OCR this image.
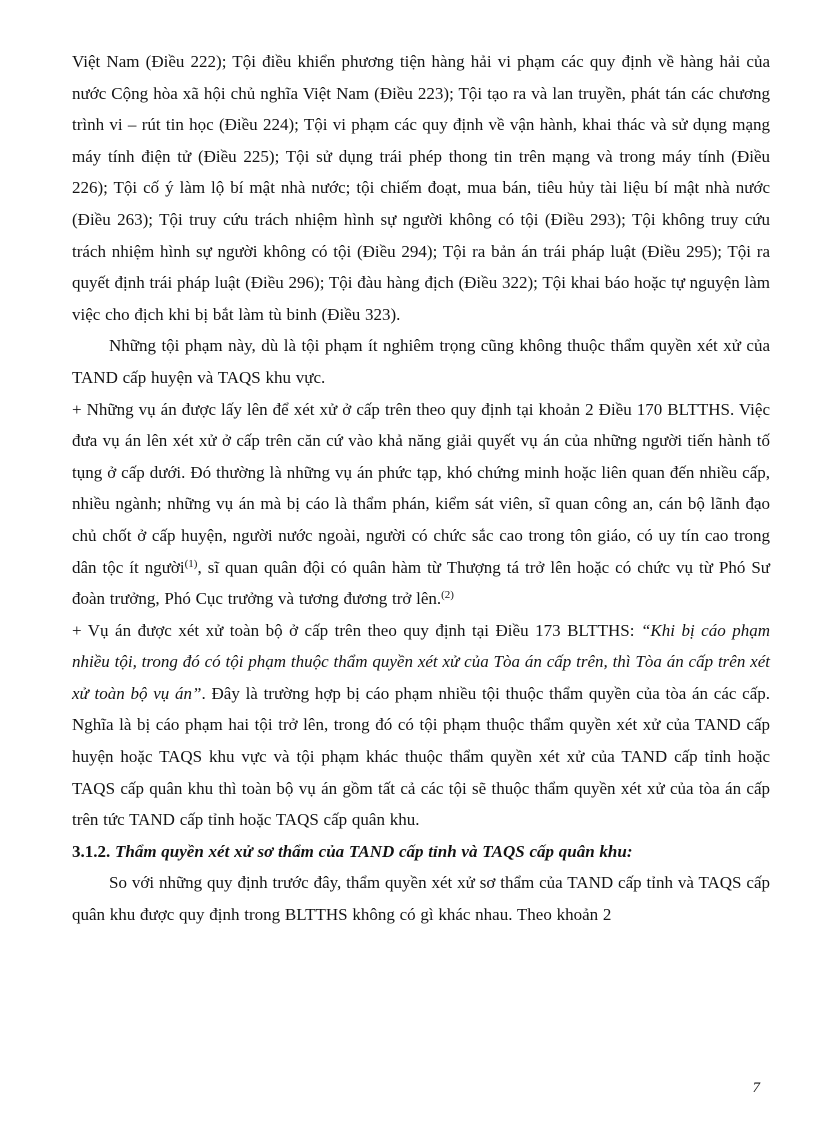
Việt Nam (Điều 222); Tội điều khiển phương tiện hàng hải vi phạm các quy định về hàng hải của nước Cộng hòa xã hội chủ nghĩa Việt Nam (Điều 223); Tội tạo ra và lan truyền, phát tán các chương trình vi – rút tin học (Điều 224); Tội vi phạm các quy định về vận hành, khai thác và sử dụng mạng máy tính điện tử (Điều 225); Tội sử dụng trái phép thong tin trên mạng và trong máy tính (Điều 226); Tội cố ý làm lộ bí mật nhà nước; tội chiếm đoạt, mua bán, tiêu hủy tài liệu bí mật nhà nước (Điều 263); Tội truy cứu trách nhiệm hình sự người không có tội (Điều 293); Tội không truy cứu trách nhiệm hình sự người không có tội (Điều 294); Tội ra bản án trái pháp luật (Điều 295); Tội ra quyết định trái pháp luật (Điều 296); Tội đàu hàng địch (Điều 322); Tội khai báo hoặc tự nguyện làm việc cho địch khi bị bắt làm tù binh (Điều 323).

Những tội phạm này, dù là tội phạm ít nghiêm trọng cũng không thuộc thẩm quyền xét xử của TAND cấp huyện và TAQS khu vực.

+ Những vụ án được lấy lên để xét xử ở cấp trên theo quy định tại khoản 2 Điều 170 BLTTHS. Việc đưa vụ án lên xét xử ở cấp trên căn cứ vào khả năng giải quyết vụ án của những người tiến hành tố tụng ở cấp dưới. Đó thường là những vụ án phức tạp, khó chứng minh hoặc liên quan đến nhiều cấp, nhiều ngành; những vụ án mà bị cáo là thẩm phán, kiểm sát viên, sĩ quan công an, cán bộ lãnh đạo chủ chốt ở cấp huyện, người nước ngoài, người có chức sắc cao trong tôn giáo, có uy tín cao trong dân tộc ít người$^{(1)}$, sĩ quan quân đội có quân hàm từ Thượng tá trở lên hoặc có chức vụ từ Phó Sư đoàn trưởng, Phó Cục trưởng và tương đương trở lên.$^{(2)}$

+ Vụ án được xét xử toàn bộ ở cấp trên theo quy định tại Điều 173 BLTTHS: “Khi bị cáo phạm nhiều tội, trong đó có tội phạm thuộc thẩm quyền xét xử của Tòa án cấp trên, thì Tòa án cấp trên xét xử toàn bộ vụ án”. Đây là trường hợp bị cáo phạm nhiều tội thuộc thẩm quyền của tòa án các cấp. Nghĩa là bị cáo phạm hai tội trở lên, trong đó có tội phạm thuộc thẩm quyền xét xử của TAND cấp huyện hoặc TAQS khu vực và tội phạm khác thuộc thẩm quyền xét xử của TAND cấp tỉnh hoặc TAQS cấp quân khu thì toàn bộ vụ án gồm tất cả các tội sẽ thuộc thẩm quyền xét xử của tòa án cấp trên tức TAND cấp tỉnh hoặc TAQS cấp quân khu.

3.1.2. Thẩm quyền xét xử sơ thẩm của TAND cấp tỉnh và TAQS cấp quân khu:

So với những quy định trước đây, thẩm quyền xét xử sơ thẩm của TAND cấp tỉnh và TAQS cấp quân khu được quy định trong BLTTHS không có gì khác nhau. Theo khoản 2

7
